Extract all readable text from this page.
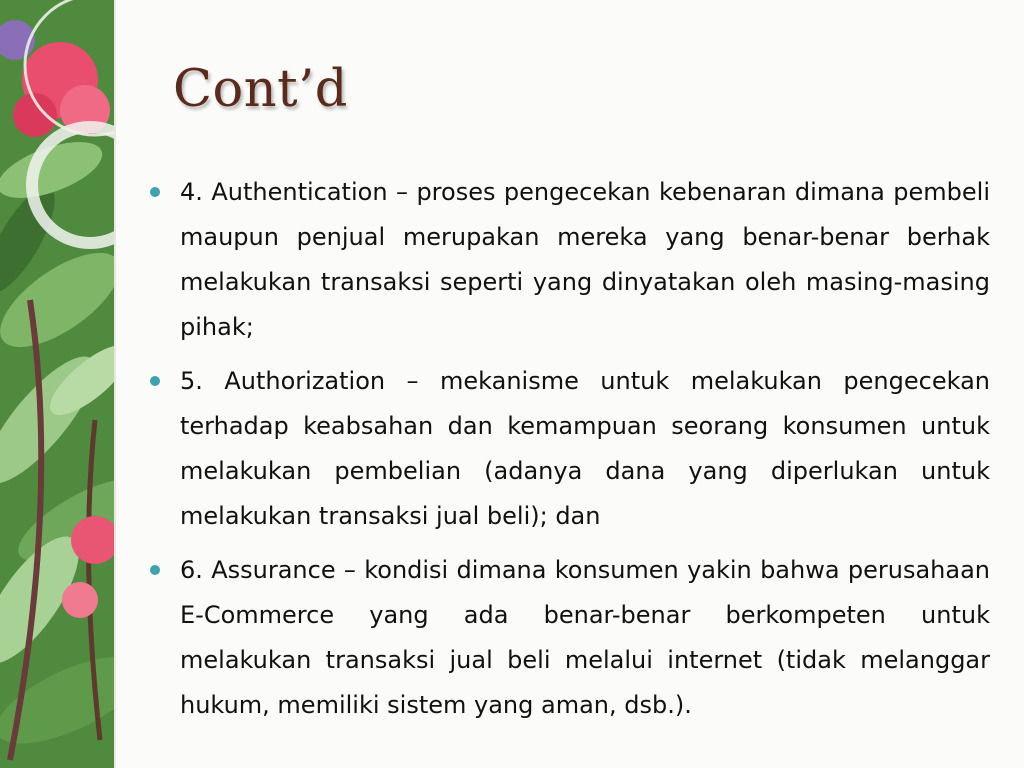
Cont’d
4. Authentication – proses pengecekan kebenaran dimana pembeli maupun penjual merupakan mereka yang benar-benar berhak melakukan transaksi seperti yang dinyatakan oleh masing-masing pihak;
5. Authorization – mekanisme untuk melakukan pengecekan terhadap keabsahan dan kemampuan seorang konsumen untuk melakukan pembelian (adanya dana yang diperlukan untuk melakukan transaksi jual beli); dan
6. Assurance – kondisi dimana konsumen yakin bahwa perusahaan E-Commerce yang ada benar-benar berkompeten untuk melakukan transaksi jual beli melalui internet (tidak melanggar hukum, memiliki sistem yang aman, dsb.).
